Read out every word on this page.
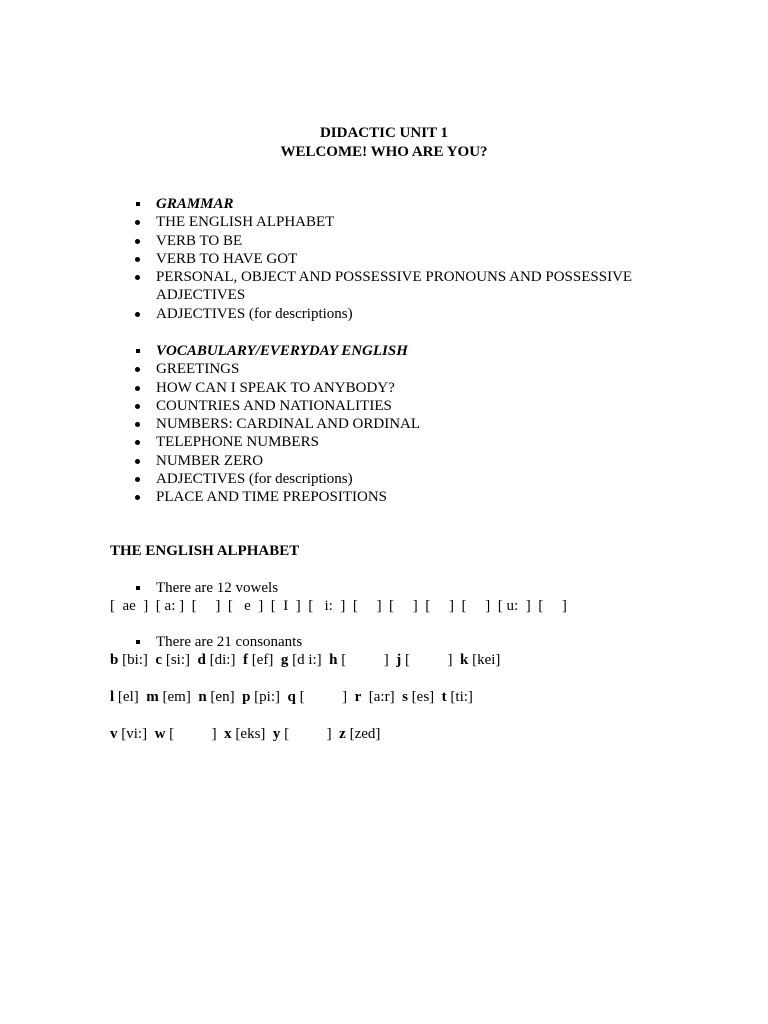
DIDACTIC UNIT 1
WELCOME! WHO ARE YOU?
GRAMMAR
THE ENGLISH ALPHABET
VERB TO BE
VERB TO HAVE GOT
PERSONAL, OBJECT AND POSSESSIVE PRONOUNS AND POSSESSIVE ADJECTIVES
ADJECTIVES (for descriptions)
VOCABULARY/EVERYDAY ENGLISH
GREETINGS
HOW CAN I SPEAK TO ANYBODY?
COUNTRIES AND NATIONALITIES
NUMBERS: CARDINAL AND ORDINAL
TELEPHONE NUMBERS
NUMBER ZERO
ADJECTIVES (for descriptions)
PLACE AND TIME PREPOSITIONS
THE ENGLISH ALPHABET
There are 12 vowels
[  ae  ]  [ a: ]  [     ]  [   e  ]  [  I  ]  [   i:  ]  [     ]  [     ]  [     ]  [     ]  [ u:  ]  [     ]
There are 21 consonants
b [bi:] c [si:] d [di:] f [ef] g [d i:] h [          ] j [          ] k [kei]
l [el] m [em] n [en] p [pi:] q [          ] r [a:r] s [es] t [ti:]
v [vi:] w [          ] x [eks] y [          ] z [zed]
